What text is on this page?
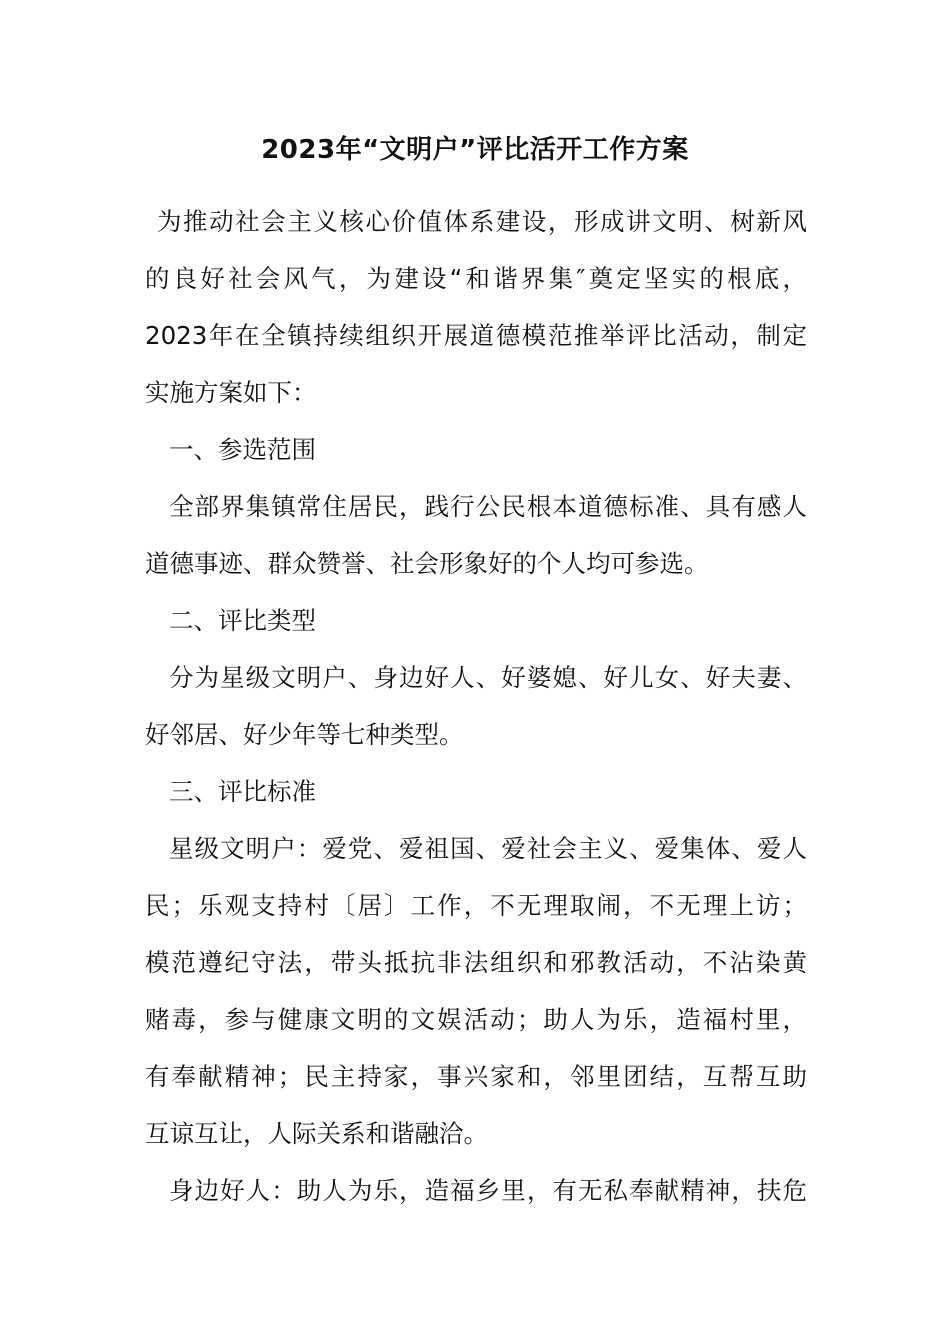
2023年“文明户”评比活开工作方案
为推动社会主义核心价值体系建设，形成讲文明、树新风
的良好社会风气，为建设“和谐界集″奠定坚实的根底，
2023年在全镇持续组织开展道德模范推举评比活动，制定
实施方案如下：
一、参选范围
全部界集镇常住居民，践行公民根本道德标准、具有感人
道德事迹、群众赞誉、社会形象好的个人均可参选。
二、评比类型
分为星级文明户、身边好人、好婆媳、好儿女、好夫妻、
好邻居、好少年等七种类型。
三、评比标准
星级文明户：爱党、爱祖国、爱社会主义、爱集体、爱人
民；乐观支持村〔居〕工作，不无理取闹，不无理上访；
模范遵纪守法，带头抵抗非法组织和邪教活动，不沾染黄
赌毒，参与健康文明的文娱活动；助人为乐，造福村里，
有奉献精神；民主持家，事兴家和，邻里团结，互帮互助
互谅互让，人际关系和谐融洽。
身边好人：助人为乐，造福乡里，有无私奉献精神，扶危
